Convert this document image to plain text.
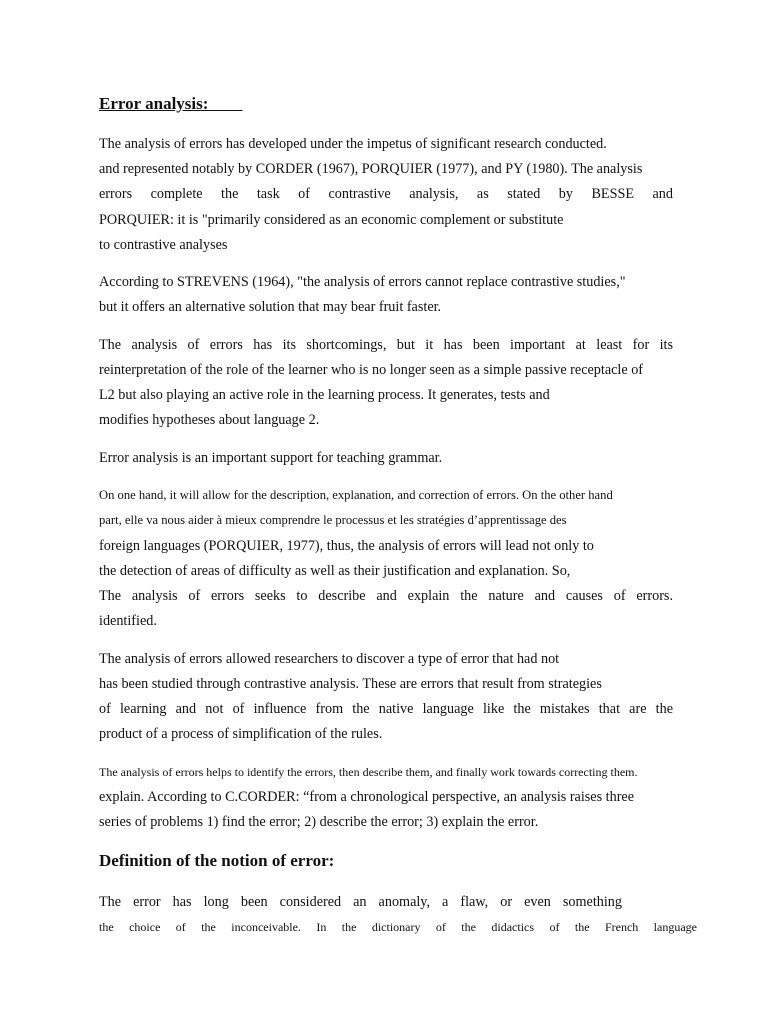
Error analysis:

The analysis of errors has developed under the impetus of significant research conducted.

and represented notably by CORDER (1967), PORQUIER (1977), and PY (1980). The analysis

errors complete the task of contrastive analysis, as stated by BESSE and

PORQUIER: it is "primarily considered as an economic complement or substitute

to contrastive analyses

According to STREVENS (1964), "the analysis of errors cannot replace contrastive studies,"

but it offers an alternative solution that may bear fruit faster.

The analysis of errors has its shortcomings, but it has been important at least for its

reinterpretation of the role of the learner who is no longer seen as a simple passive receptacle of

L2 but also playing an active role in the learning process. It generates, tests and

modifies hypotheses about language 2.

Error analysis is an important support for teaching grammar.

On one hand, it will allow for the description, explanation, and correction of errors. On the other hand

part, elle va nous aider à mieux comprendre le processus et les stratégies d’apprentissage des

foreign languages (PORQUIER, 1977), thus, the analysis of errors will lead not only to

the detection of areas of difficulty as well as their justification and explanation. So,

The analysis of errors seeks to describe and explain the nature and causes of errors.

identified.

The analysis of errors allowed researchers to discover a type of error that had not

has been studied through contrastive analysis. These are errors that result from strategies

of learning and not of influence from the native language like the mistakes that are the

product of a process of simplification of the rules.

The analysis of errors helps to identify the errors, then describe them, and finally work towards correcting them.

explain. According to C.CORDER: “from a chronological perspective, an analysis raises three

series of problems 1) find the error; 2) describe the error; 3) explain the error.

Definition of the notion of error:

The error has long been considered an anomaly, a flaw, or even something

the choice of the inconceivable. In the dictionary of the didactics of the French language
